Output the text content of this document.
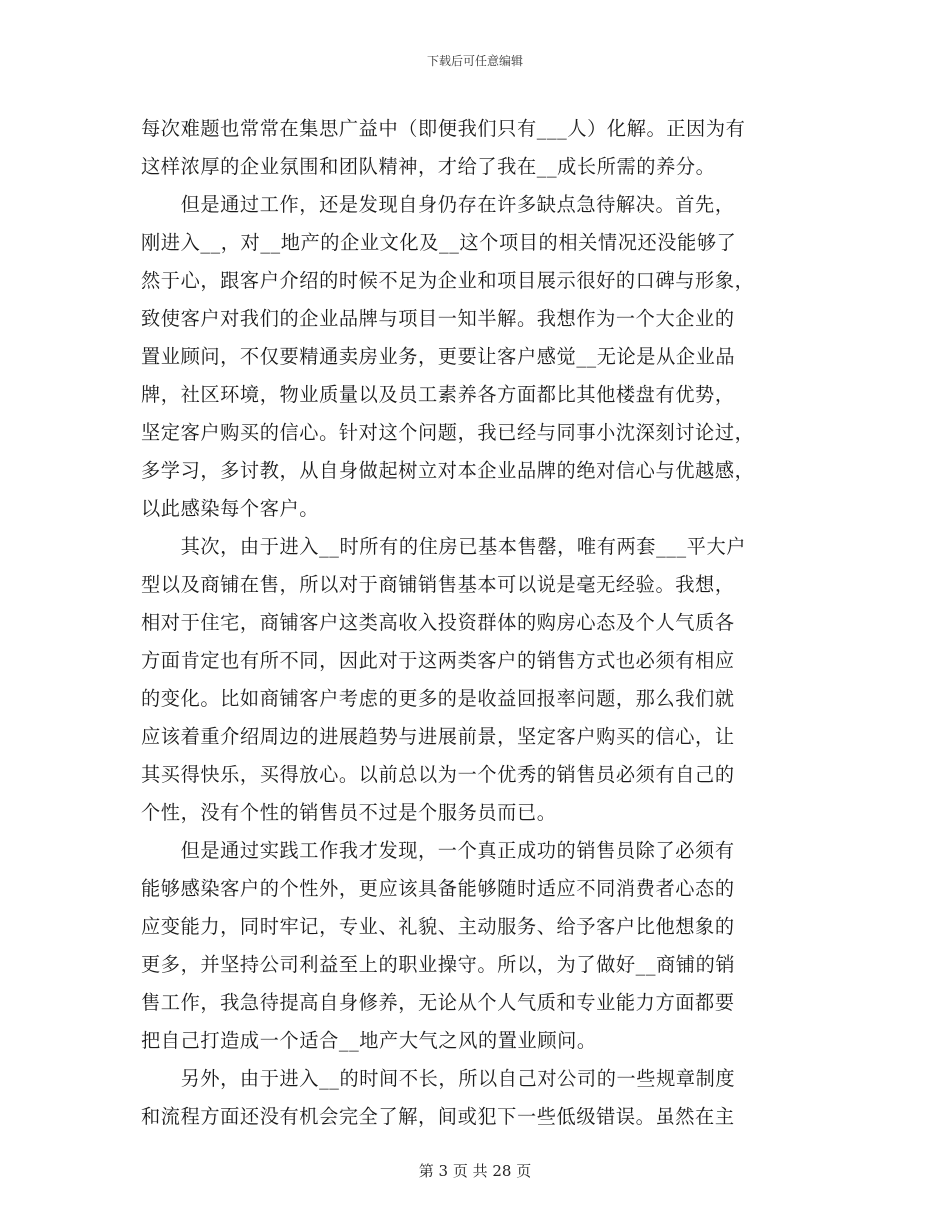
下载后可任意编辑
每次难题也常常在集思广益中（即便我们只有___人）化解。正因为有
这样浓厚的企业氛围和团队精神，才给了我在__成长所需的养分。
　　但是通过工作，还是发现自身仍存在许多缺点急待解决。首先，
刚进入__，对__地产的企业文化及__这个项目的相关情况还没能够了
然于心，跟客户介绍的时候不足为企业和项目展示很好的口碑与形象，
致使客户对我们的企业品牌与项目一知半解。我想作为一个大企业的
置业顾问，不仅要精通卖房业务，更要让客户感觉__无论是从企业品
牌，社区环境，物业质量以及员工素养各方面都比其他楼盘有优势，
坚定客户购买的信心。针对这个问题，我已经与同事小沈深刻讨论过，
多学习，多讨教，从自身做起树立对本企业品牌的绝对信心与优越感，
以此感染每个客户。
　　其次，由于进入__时所有的住房已基本售罄，唯有两套___平大户
型以及商铺在售，所以对于商铺销售基本可以说是毫无经验。我想，
相对于住宅，商铺客户这类高收入投资群体的购房心态及个人气质各
方面肯定也有所不同，因此对于这两类客户的销售方式也必须有相应
的变化。比如商铺客户考虑的更多的是收益回报率问题，那么我们就
应该着重介绍周边的进展趋势与进展前景，坚定客户购买的信心，让
其买得快乐，买得放心。以前总以为一个优秀的销售员必须有自己的
个性，没有个性的销售员不过是个服务员而已。
　　但是通过实践工作我才发现，一个真正成功的销售员除了必须有
能够感染客户的个性外，更应该具备能够随时适应不同消费者心态的
应变能力，同时牢记，专业、礼貌、主动服务、给予客户比他想象的
更多，并坚持公司利益至上的职业操守。所以，为了做好__商铺的销
售工作，我急待提高自身修养，无论从个人气质和专业能力方面都要
把自己打造成一个适合__地产大气之风的置业顾问。
　　另外，由于进入__的时间不长，所以自己对公司的一些规章制度
和流程方面还没有机会完全了解，间或犯下一些低级错误。虽然在主
第 3 页 共 28 页
